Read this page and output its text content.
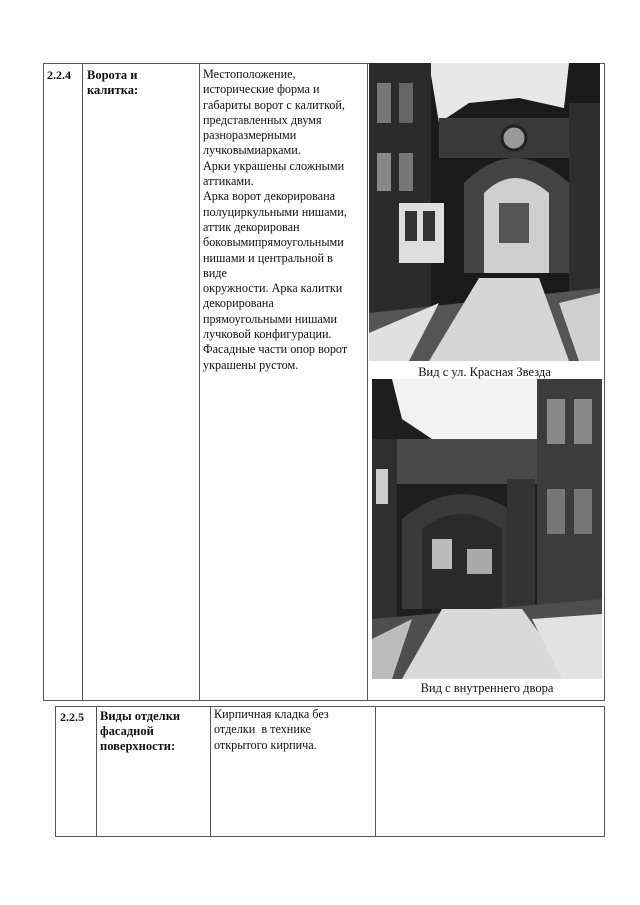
2.2.4 Ворота и
калитка:
Местоположение,
исторические форма и
габариты ворот с калиткой,
представленных двумя
разноразмерными
лучковымиарками.
Арки украшены сложными
аттиками.
Арка ворот декорирована
полуциркульными нишами,
аттик декорирован
боковымипрямоугольными
нишами и центральной в
виде
окружности. Арка калитки
декорирована
прямоугольными нишами
лучковой конфигурации.
Фасадные части опор ворот
украшены рустом.
Вид с ул. Красная Звезда
Вид с внутреннего двора
2.2.5 Виды отделки
фасадной
поверхности:
Кирпичная кладка без
отделки  в технике
открытого кирпича.
